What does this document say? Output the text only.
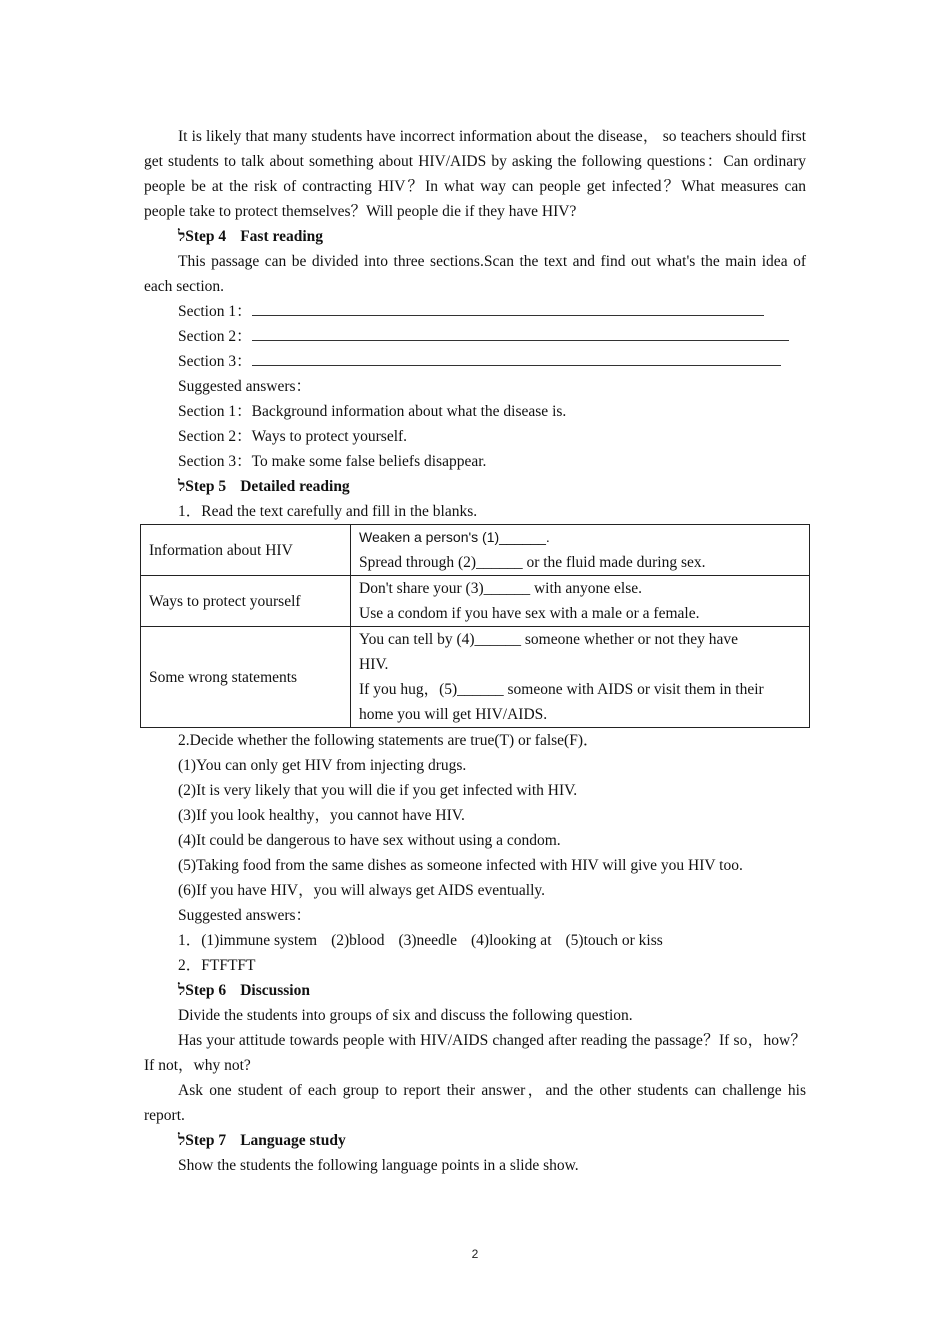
It is likely that many students have incorrect information about the disease， so teachers should first get students to talk about something about HIV/AIDS by asking the following questions：Can ordinary people be at the risk of contracting HIV？In what way can people get infected？What measures can people take to protect themselves？Will people die if they have HIV?

לStep 4 Fast reading

This passage can be divided into three sections.Scan the text and find out what's the main idea of each section.

Section 1：

Section 2：

Section 3：

Suggested answers：

Section 1：Background information about what the disease is.

Section 2：Ways to protect yourself.

Section 3：To make some false beliefs disappear.

לStep 5 Detailed reading

1．Read the text carefully and fill in the blanks.

Information about HIV	Weaken a person's (1)______.
Spread through (2)______ or the fluid made during sex.

Ways to protect yourself	Don't share your (3)______ with anyone else.
Use a condom if you have sex with a male or a female.

Some wrong statements	You can tell by (4)______ someone whether or not they have HIV.
If you hug，(5)______ someone with AIDS or visit them in their home you will get HIV/AIDS.

2.Decide whether the following statements are true(T) or false(F)．

(1)You can only get HIV from injecting drugs.

(2)It is very likely that you will die if you get infected with HIV.

(3)If you look healthy，you cannot have HIV.

(4)It could be dangerous to have sex without using a condom.

(5)Taking food from the same dishes as someone infected with HIV will give you HIV too.

(6)If you have HIV，you will always get AIDS eventually.

Suggested answers：

1．(1)immune system (2)blood (3)needle (4)looking at (5)touch or kiss

2．FTFTFT

לStep 6 Discussion

Divide the students into groups of six and discuss the following question.

Has your attitude towards people with HIV/AIDS changed after reading the passage？If so，how？If not，why not?

Ask one student of each group to report their answer，and the other students can challenge his report.

לStep 7 Language study

Show the students the following language points in a slide show.

2
